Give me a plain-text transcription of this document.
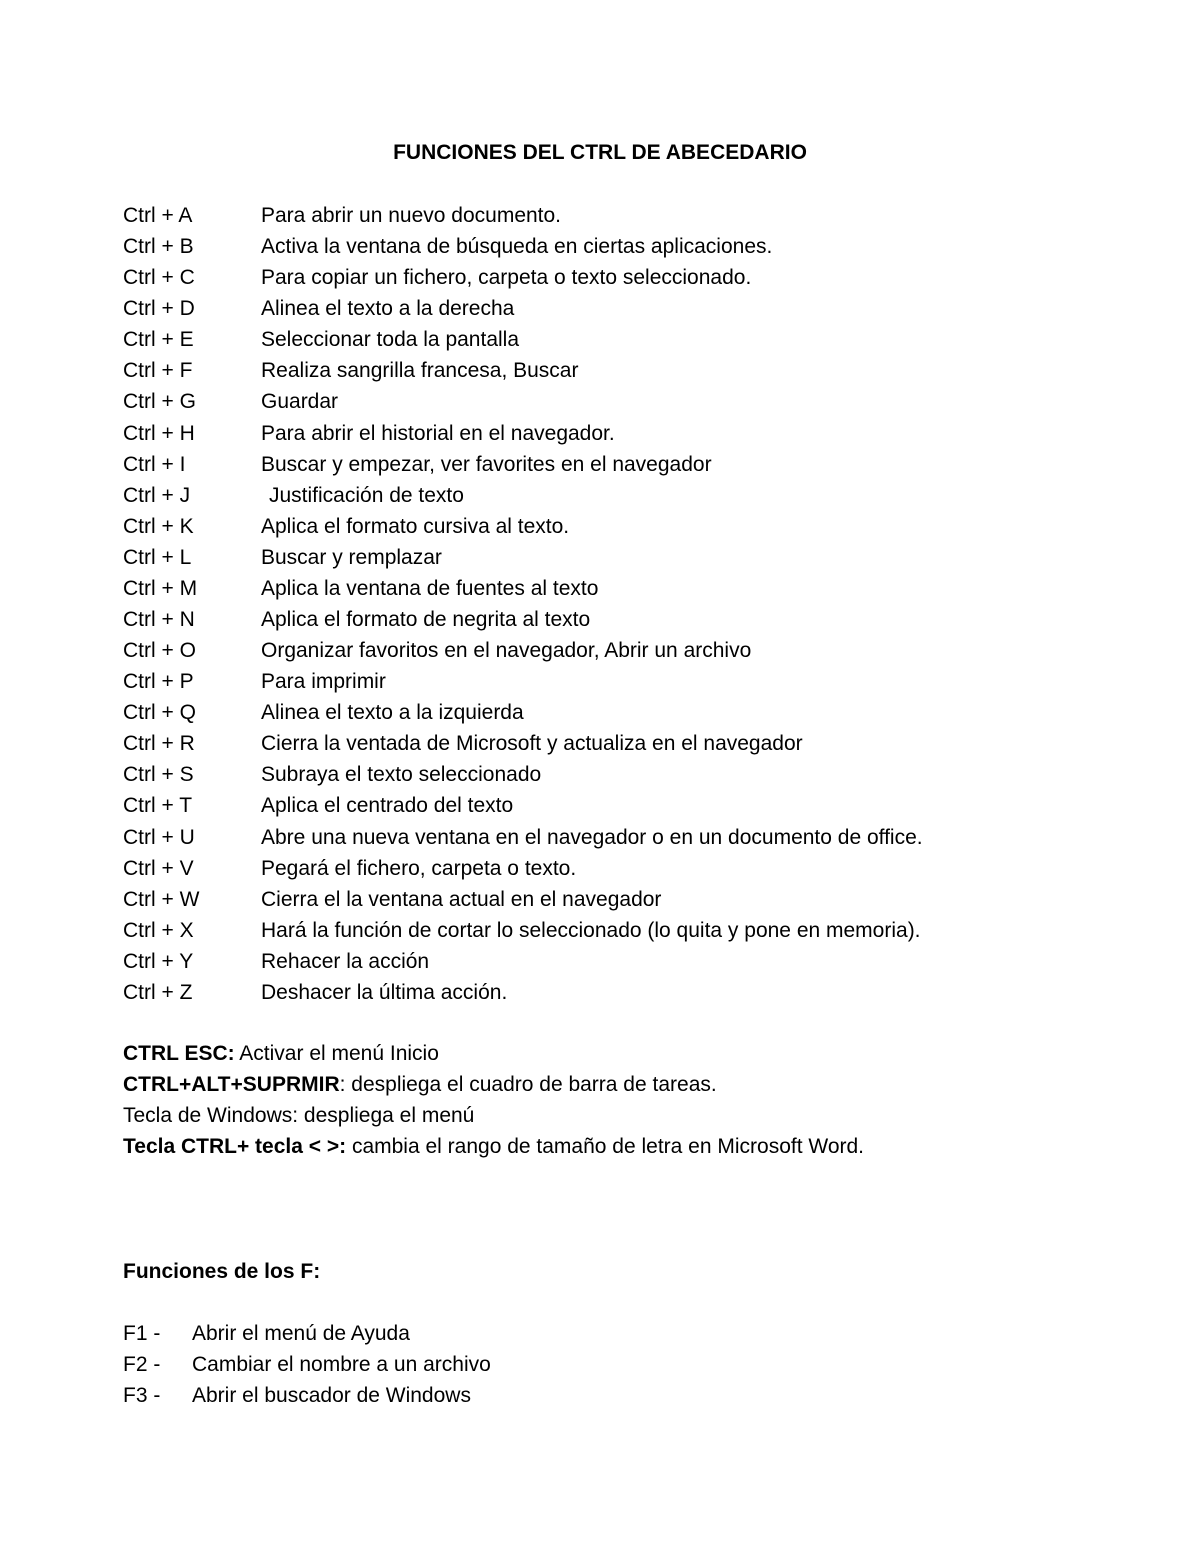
FUNCIONES DEL CTRL DE ABECEDARIO
Ctrl + A	Para abrir un nuevo documento.
Ctrl + B	Activa la ventana de búsqueda en ciertas aplicaciones.
Ctrl + C	Para copiar un fichero, carpeta o texto seleccionado.
Ctrl + D	Alinea el texto a la derecha
Ctrl + E	Seleccionar toda la pantalla
Ctrl + F	Realiza sangrilla francesa, Buscar
Ctrl + G	Guardar
Ctrl + H	Para abrir el historial en el navegador.
Ctrl + I	Buscar y empezar, ver favorites en el navegador
Ctrl + J	Justificación de texto
Ctrl + K	Aplica el formato cursiva al texto.
Ctrl + L	Buscar y remplazar
Ctrl + M	Aplica la ventana de fuentes al texto
Ctrl + N	Aplica el formato de negrita al texto
Ctrl + O	Organizar favoritos en el navegador, Abrir un archivo
Ctrl + P	Para imprimir
Ctrl + Q	Alinea el texto a la izquierda
Ctrl + R	Cierra la ventada de Microsoft y actualiza en el navegador
Ctrl + S	Subraya el texto seleccionado
Ctrl + T	Aplica el centrado del texto
Ctrl + U	Abre una nueva ventana en el navegador o en un documento de office.
Ctrl + V	Pegará el fichero, carpeta o texto.
Ctrl + W	Cierra el la ventana actual en el navegador
Ctrl + X	Hará la función de cortar lo seleccionado (lo quita y pone en memoria).
Ctrl + Y	Rehacer la acción
Ctrl + Z	Deshacer la última acción.
CTRL ESC: Activar el menú Inicio
CTRL+ALT+SUPRMIR: despliega el cuadro de barra de tareas.
Tecla de Windows: despliega el menú
Tecla CTRL+ tecla < >: cambia el rango de tamaño de letra en Microsoft Word.
Funciones de los F:
F1 -	Abrir el menú de Ayuda
F2 -	Cambiar el nombre a un archivo
F3 -	Abrir el buscador de Windows
